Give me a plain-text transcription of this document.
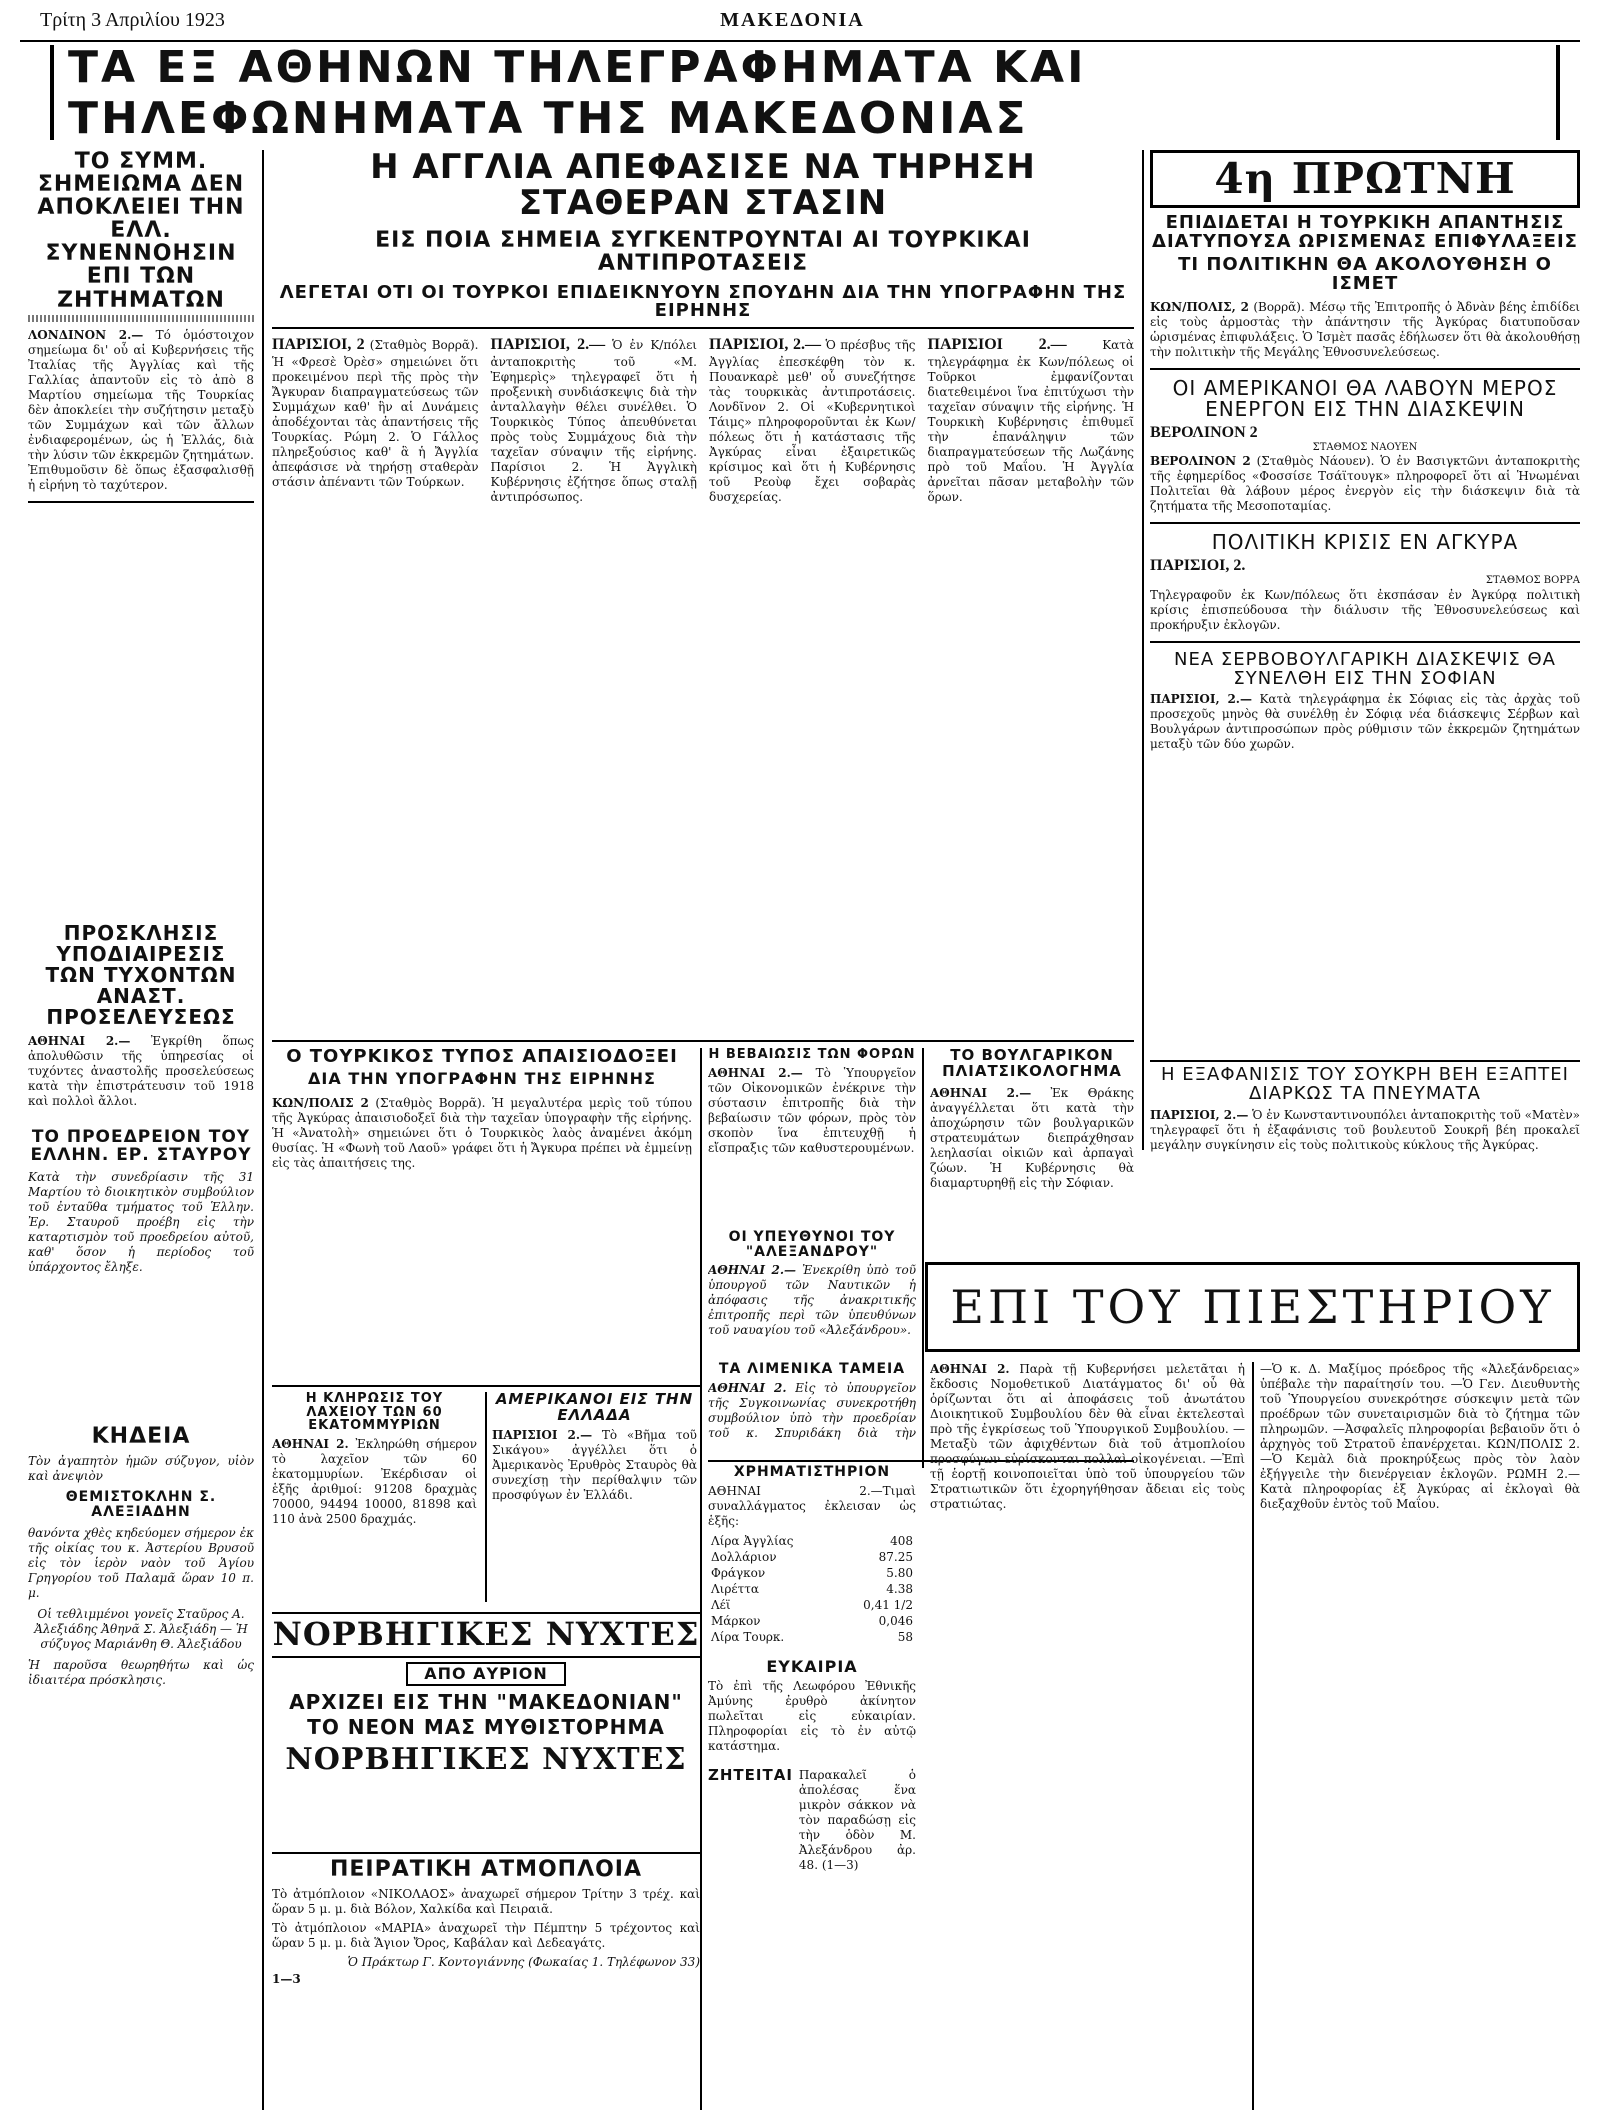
Τρίτη 3 Απριλίου 1923	ΜΑΚΕΔΟΝΙΑ
ΤΑ ΕΞ ΑΘΗΝΩΝ ΤΗΛΕΓΡΑΦΗΜΑΤΑ ΚΑΙ ΤΗΛΕΦΩΝΗΜΑΤΑ ΤΗΣ ΜΑΚΕΔΟΝΙΑΣ
ΤΟ ΣΥΜΜ. ΣΗΜΕΙΩΜΑ ΔΕΝ ΑΠΟΚΛΕΙΕΙ ΤΗΝ ΕΛΛ. ΣΥΝΕΝΝΟΗΣΙΝ ΕΠΙ ΤΩΝ ΖΗΤΗΜΑΤΩΝ
ΛΟΝΔΙΝΟΝ 2.— Τό ὁμόστοιχον σημείωμα δι' οὗ αἱ Κυβερνήσεις τῆς Ἰταλίας τῆς Ἀγγλίας καὶ τῆς Γαλλίας ἀπαντοῦν εἰς τὸ ἀπὸ 8 Μαρτίου σημείωμα τῆς Τουρκίας δὲν ἀποκλείει τὴν συζήτησιν μεταξὺ τῶν Συμμάχων καὶ τῶν ἄλλων ἐνδιαφερομένων, ὡς ἡ Ἑλλάς, διὰ τὴν λύσιν τῶν ἐκκρεμῶν ζητημάτων. Ἐπιθυμοῦσιν δὲ ὅπως ἐξασφαλισθῇ ἡ εἰρήνη τὸ ταχύτερον.
ΠΡΟΣΚΛΗΣΙΣ ΥΠΟΔΙΑΙΡΕΣΙΣ ΤΩΝ ΤΥΧΟΝΤΩΝ ΑΝΑΣΤ. ΠΡΟΣΕΛΕΥΣΕΩΣ
ΑΘΗΝΑΙ 2.— Ἐγκρίθη ὅπως ἀπολυθῶσιν τῆς ὑπηρεσίας οἱ τυχόντες ἀναστολῆς προσελεύσεως κατὰ τὴν ἐπιστράτευσιν τοῦ 1918 καὶ πολλοὶ ἄλλοι.
ΤΟ ΠΡΟΕΔΡΕΙΟΝ ΤΟΥ ΕΛΛΗΝ. ΕΡ. ΣΤΑΥΡΟΥ
Κατὰ τὴν συνεδρίασιν τῆς 31 Μαρτίου τὸ διοικητικὸν συμβούλιον τοῦ ἐνταῦθα τμήματος τοῦ Ἑλλην. Ἐρ. Σταυροῦ προέβη εἰς τὴν καταρτισμὸν τοῦ προεδρείου αὐτοῦ, καθ' ὅσον ἡ περίοδος τοῦ ὑπάρχοντος ἔληξε.
ΚΗΔΕΙΑ
Τὸν ἀγαπητὸν ἡμῶν σύζυγον, υἱὸν καὶ ἀνεψιὸν
ΘΕΜΙΣΤΟΚΛΗΝ Σ. ΑΛΕΞΙΑΔΗΝ
θανόντα χθὲς κηδεύομεν σήμερον ἐκ τῆς οἰκίας του κ. Ἀστερίου Βρυσοῦ εἰς τὸν ἱερὸν ναὸν τοῦ Ἁγίου Γρηγορίου τοῦ Παλαμᾶ ὥραν 10 π. μ.
Οἱ τεθλιμμένοι γονεῖς Σταῦρος Α. Ἀλεξιάδης Ἀθηνᾶ Σ. Ἀλεξιάδη — Ἡ σύζυγος Μαριάνθη Θ. Ἀλεξιάδου
Ἡ παροῦσα θεωρηθήτω καὶ ὡς ἰδιαιτέρα πρόσκλησις.
Η ΑΓΓΛΙΑ ΑΠΕΦΑΣΙΣΕ ΝΑ ΤΗΡΗΣΗ ΣΤΑΘΕΡΑΝ ΣΤΑΣΙΝ
ΕΙΣ ΠΟΙΑ ΣΗΜΕΙΑ ΣΥΓΚΕΝΤΡΟΥΝΤΑΙ ΑΙ ΤΟΥΡΚΙΚΑΙ ΑΝΤΙΠΡΟΤΑΣΕΙΣ
ΛΕΓΕΤΑΙ ΟΤΙ ΟΙ ΤΟΥΡΚΟΙ ΕΠΙΔΕΙΚΝΥΟΥΝ ΣΠΟΥΔΗΝ ΔΙΑ ΤΗΝ ΥΠΟΓΡΑΦΗΝ ΤΗΣ ΕΙΡΗΝΗΣ
ΠΑΡΙΣΙΟΙ, 2 (Σταθμὸς Βορρᾶ). Ἡ «Φρεσὲ Ὀρὲσ» σημειώνει ὅτι προκειμένου περὶ τῆς πρὸς τὴν Ἄγκυραν διαπραγματεύσεως τῶν Συμμάχων καθ' ἣν αἱ Δυνάμεις ἀποδέχονται τὰς ἀπαντήσεις τῆς Τουρκίας. Ρώμη 2. Ὁ Γάλλος πληρεξούσιος καθ' ἃ ἡ Ἄγγλία ἀπεφάσισε νὰ τηρήσῃ σταθερὰν στάσιν ἀπέναντι τῶν Τούρκων.
ΠΑΡΙΣΙΟΙ, 2.— Ὁ ἐν Κ/πόλει ἀνταποκριτὴς τοῦ «Μ. Ἐφημερὶς» τηλεγραφεῖ ὅτι ἡ προξενικὴ συνδιάσκεψις διὰ τὴν ἀνταλλαγὴν θέλει συνέλθει. Ὁ Τουρκικὸς Τύπος ἀπευθύνεται πρὸς τοὺς Συμμάχους διὰ τὴν ταχεῖαν σύναψιν τῆς εἰρήνης. Παρίσιοι 2. Ἡ Ἀγγλικὴ Κυβέρνησις ἐζήτησε ὅπως σταλῇ ἀντιπρόσωπος.
ΠΑΡΙΣΙΟΙ, 2.— Ὁ πρέσβυς τῆς Ἀγγλίας ἐπεσκέφθη τὸν κ. Πουανκαρὲ μεθ' οὗ συνεζήτησε τὰς τουρκικὰς ἀντιπροτάσεις. Λονδῖνον 2. Οἱ «Κυβερνητικοὶ Τάιμς» πληροφοροῦνται ἐκ Κων/πόλεως ὅτι ἡ κατάστασις τῆς Ἀγκύρας εἶναι ἐξαιρετικῶς κρίσιμος καὶ ὅτι ἡ Κυβέρνησις τοῦ Ρεοὺφ ἔχει σοβαρὰς δυσχερείας.
ΠΑΡΙΣΙΟΙ 2.—	Κατὰ τηλεγράφημα ἐκ Κων/πόλεως οἱ Τοῦρκοι ἐμφανίζονται διατεθειμένοι ἵνα ἐπιτύχωσι τὴν ταχεῖαν σύναψιν τῆς εἰρήνης. Ἡ Τουρκικὴ Κυβέρνησις ἐπιθυμεῖ τὴν ἐπανάληψιν τῶν διαπραγματεύσεων τῆς Λωζάνης πρὸ τοῦ Μαΐου. Ἡ Ἀγγλία ἀρνεῖται πᾶσαν μεταβολὴν τῶν ὅρων.
Ο ΤΟΥΡΚΙΚΟΣ ΤΥΠΟΣ ΑΠΑΙΣΙΟΔΟΞΕΙ
ΔΙΑ ΤΗΝ ΥΠΟΓΡΑΦΗΝ ΤΗΣ ΕΙΡΗΝΗΣ
ΚΩΝ/ΠΟΛΙΣ 2 (Σταθμὸς Βορρᾶ). Ἡ μεγαλυτέρα μερὶς τοῦ τύπου τῆς Ἀγκύρας ἀπαισιοδοξεῖ διὰ τὴν ταχεῖαν ὑπογραφὴν τῆς εἰρήνης. Ἡ «Ἀνατολὴ» σημειώνει ὅτι ὁ Τουρκικὸς λαὸς ἀναμένει ἀκόμη θυσίας. Ἡ «Φωνὴ τοῦ Λαοῦ» γράφει ὅτι ἡ Ἄγκυρα πρέπει νὰ ἐμμείνῃ εἰς τὰς ἀπαιτήσεις της.
Η ΒΕΒΑΙΩΣΙΣ ΤΩΝ ΦΟΡΩΝ
ΑΘΗΝΑΙ 2.— Τὸ Ὑπουργεῖον τῶν Οἰκονομικῶν ἐνέκρινε τὴν σύστασιν ἐπιτροπῆς διὰ τὴν βεβαίωσιν τῶν φόρων, πρὸς τὸν σκοπὸν ἵνα ἐπιτευχθῇ ἡ εἴσπραξις τῶν καθυστερουμένων.
ΟΙ ΥΠΕΥΘΥΝΟΙ ΤΟΥ "ΑΛΕΞΑΝΔΡΟΥ"
ΑΘΗΝΑΙ 2.— Ἐνεκρίθη ὑπὸ τοῦ ὑπουργοῦ τῶν Ναυτικῶν ἡ ἀπόφασις τῆς ἀνακριτικῆς ἐπιτροπῆς περὶ τῶν ὑπευθύνων τοῦ ναυαγίου τοῦ «Ἀλεξάνδρου».
ΤΑ ΛΙΜΕΝΙΚΑ ΤΑΜΕΙΑ
ΑΘΗΝΑΙ 2. Εἰς τὸ ὑπουργεῖον τῆς Συγκοινωνίας συνεκροτήθη συμβούλιον ὑπὸ τὴν προεδρίαν τοῦ κ. Σπυριδάκη διὰ τὴν
ΤΟ ΒΟΥΛΓΑΡΙΚΟΝ ΠΛΙΑΤΣΙΚΟΛΟΓΗΜΑ
ΑΘΗΝΑΙ 2.— Ἐκ Θράκης ἀναγγέλλεται ὅτι κατὰ τὴν ἀποχώρησιν τῶν βουλγαρικῶν στρατευμάτων διεπράχθησαν λεηλασίαι οἰκιῶν καὶ ἀρπαγαὶ ζώων. Ἡ Κυβέρνησις θὰ διαμαρτυρηθῇ εἰς τὴν Σόφιαν.
Η ΚΛΗΡΩΣΙΣ ΤΟΥ ΛΑΧΕΙΟΥ ΤΩΝ 60 ΕΚΑΤΟΜΜΥΡΙΩΝ
ΑΘΗΝΑΙ 2. Ἐκληρώθη σήμερον τὸ λαχεῖον τῶν 60 ἑκατομμυρίων. Ἐκέρδισαν οἱ ἑξῆς ἀριθμοί: 91208 δραχμὰς 70000, 94494 10000, 81898 καὶ 110 ἀνὰ 2500 δραχμάς.
ΑΜΕΡΙΚΑΝΟΙ ΕΙΣ ΤΗΝ ΕΛΛΑΔΑ
ΠΑΡΙΣΙΟΙ 2.— Τὸ «Βῆμα τοῦ Σικάγου» ἀγγέλλει ὅτι ὁ Ἀμερικανὸς Ἐρυθρὸς Σταυρὸς θὰ συνεχίσῃ τὴν περίθαλψιν τῶν προσφύγων ἐν Ἑλλάδι.
ΝΟΡΒΗΓΙΚΕΣ ΝΥΧΤΕΣ
ΑΠΟ ΑΥΡΙΟΝ
ΑΡΧΙΖΕΙ ΕΙΣ ΤΗΝ "ΜΑΚΕΔΟΝΙΑΝ"
ΤΟ ΝΕΟΝ ΜΑΣ ΜΥΘΙΣΤΟΡΗΜΑ
ΝΟΡΒΗΓΙΚΕΣ ΝΥΧΤΕΣ
ΠΕΙΡΑΤΙΚΗ ΑΤΜΟΠΛΟΪΑ
Τὸ ἀτμόπλοιον «ΝΙΚΟΛΑΟΣ» ἀναχωρεῖ σήμερον Τρίτην 3 τρέχ. καὶ ὥραν 5 μ. μ. διὰ Βόλον, Χαλκίδα καὶ Πειραιᾶ.
Τὸ ἀτμόπλοιον «ΜΑΡΙΑ» ἀναχωρεῖ τὴν Πέμπτην 5 τρέχοντος καὶ ὥραν 5 μ. μ. διὰ Ἅγιον Ὄρος, Καβάλαν καὶ Δεδεαγάτς.
Ὁ Πράκτωρ Γ. Κοντογιάννης (Φωκαίας 1. Τηλέφωνον 33)
1—3
ΧΡΗΜΑΤΙΣΤΗΡΙΟΝ
ΑΘΗΝΑΙ 2.—Τιμαὶ συναλλάγματος ἐκλεισαν ὡς ἑξῆς:
Λίρα Ἀγγλίας	408
Δολλάριον	87.25
Φράγκον	5.80
Λιρέττα	4.38
Λέϊ	0,41 1/2
Μάρκον	0,046
Λίρα Τουρκ.	58
ΕΥΚΑΙΡΙΑ
Τὸ ἐπὶ τῆς Λεωφόρου Ἐθνικῆς Ἀμύνης ἐρυθρὸ ἀκίνητον πωλεῖται εἰς εὐκαιρίαν. Πληροφορίαι εἰς τὸ ἐν αὐτῷ κατάστημα.
ΖΗΤΕΙΤΑΙ Παρακαλεῖ ὁ ἀπολέσας ἕνα μικρὸν σάκκον νὰ τὸν παραδώσῃ εἰς τὴν ὁδὸν Μ. Ἀλεξάνδρου ἀρ. 48. (1—3)
4η ΠΡΩΤΝΗ
ΕΠΙΔΙΔΕΤΑΙ Η ΤΟΥΡΚΙΚΗ ΑΠΑΝΤΗΣΙΣ ΔΙΑΤΥΠΟΥΣΑ ΩΡΙΣΜΕΝΑΣ ΕΠΙΦΥΛΑΞΕΙΣ
ΤΙ ΠΟΛΙΤΙΚΗΝ ΘΑ ΑΚΟΛΟΥΘΗΣΗ Ο ΙΣΜΕΤ
ΚΩΝ/ΠΟΛΙΣ, 2 (Βορρᾶ). Μέσῳ τῆς Ἐπιτροπῆς ὁ Ἀδνὰν βέης ἐπιδίδει εἰς τοὺς ἀρμοστὰς τὴν ἀπάντησιν τῆς Ἀγκύρας διατυποῦσαν ὡρισμένας ἐπιφυλάξεις. Ὁ Ἰσμὲτ πασᾶς ἐδήλωσεν ὅτι θὰ ἀκολουθήσῃ τὴν πολιτικὴν τῆς Μεγάλης Ἐθνοσυνελεύσεως.
ΟΙ ΑΜΕΡΙΚΑΝΟΙ ΘΑ ΛΑΒΟΥΝ ΜΕΡΟΣ ΕΝΕΡΓΟΝ ΕΙΣ ΤΗΝ ΔΙΑΣΚΕΨΙΝ
ΒΕΡΟΛΙΝΟΝ 2
ΣΤΑΘΜΟΣ ΝΑΟΥΕΝ
ΒΕΡΟΛΙΝΟΝ 2 (Σταθμὸς Νάουεν). Ὁ ἐν Βασιγκτῶνι ἀνταποκριτὴς τῆς ἐφημερίδος «Φοσσίσε Τσάϊτουγκ» πληροφορεῖ ὅτι αἱ Ἡνωμέναι Πολιτεῖαι θὰ λάβουν μέρος ἐνεργὸν εἰς τὴν διάσκεψιν διὰ τὰ ζητήματα τῆς Μεσοποταμίας.
ΠΟΛΙΤΙΚΗ ΚΡΙΣΙΣ ΕΝ ΑΓΚΥΡΑ
ΠΑΡΙΣΙΟΙ, 2.
ΣΤΑΘΜΟΣ ΒΟΡΡΑ
Τηλεγραφοῦν ἐκ Κων/πόλεως ὅτι ἐκσπάσαν ἐν Ἀγκύρᾳ πολιτικὴ κρίσις ἐπισπεύδουσα τὴν διάλυσιν τῆς Ἐθνοσυνελεύσεως καὶ προκήρυξιν ἐκλογῶν.
ΝΕΑ ΣΕΡΒΟΒΟΥΛΓΑΡΙΚΗ ΔΙΑΣΚΕΨΙΣ ΘΑ ΣΥΝΕΛΘΗ ΕΙΣ ΤΗΝ ΣΟΦΙΑΝ
ΠΑΡΙΣΙΟΙ, 2.— Κατὰ τηλεγράφημα ἐκ Σόφιας εἰς τὰς ἀρχὰς τοῦ προσεχοῦς μηνὸς θὰ συνέλθῃ ἐν Σόφιᾳ νέα διάσκεψις Σέρβων καὶ Βουλγάρων ἀντιπροσώπων πρὸς ρύθμισιν τῶν ἐκκρεμῶν ζητημάτων μεταξὺ τῶν δύο χωρῶν.
Η ΕΞΑΦΑΝΙΣΙΣ ΤΟΥ ΣΟΥΚΡΗ ΒΕΗ ΕΞΑΠΤΕΙ ΔΙΑΡΚΩΣ ΤΑ ΠΝΕΥΜΑΤΑ
ΠΑΡΙΣΙΟΙ, 2.— Ὁ ἐν Κωνσταντινουπόλει ἀνταποκριτὴς τοῦ «Ματὲν» τηλεγραφεῖ ὅτι ἡ ἐξαφάνισις τοῦ βουλευτοῦ Σουκρῆ βέη προκαλεῖ μεγάλην συγκίνησιν εἰς τοὺς πολιτικοὺς κύκλους τῆς Ἀγκύρας.
ΕΠΙ ΤΟΥ ΠΙΕΣΤΗΡΙΟΥ
ΑΘΗΝΑΙ 2. Παρὰ τῇ Κυβερνήσει μελετᾶται ἡ ἔκδοσις Νομοθετικοῦ Διατάγματος δι' οὗ θὰ ὁρίζωνται ὅτι αἱ ἀποφάσεις τοῦ ἀνωτάτου Διοικητικοῦ Συμβουλίου δὲν θὰ εἶναι ἐκτελεσταὶ πρὸ τῆς ἐγκρίσεως τοῦ Ὑπουργικοῦ Συμβουλίου. —Μεταξὺ τῶν ἀφιχθέντων διὰ τοῦ ἀτμοπλοίου προσφύγων εὑρίσκονται πολλαὶ οἰκογένειαι. —Ἐπὶ τῇ ἑορτῇ κοινοποιεῖται ὑπὸ τοῦ ὑπουργείου τῶν Στρατιωτικῶν ὅτι ἐχορηγήθησαν ἄδειαι εἰς τοὺς στρατιώτας.
—Ὁ κ. Δ. Μαξίμος πρόεδρος τῆς «Ἀλεξάνδρειας» ὑπέβαλε τὴν παραίτησίν του. —Ὁ Γεν. Διευθυντὴς τοῦ Ὑπουργείου συνεκρότησε σύσκεψιν μετὰ τῶν προέδρων τῶν συνεταιρισμῶν διὰ τὸ ζήτημα τῶν πληρωμῶν. —Ἀσφαλεῖς πληροφορίαι βεβαιοῦν ὅτι ὁ ἀρχηγὸς τοῦ Στρατοῦ ἐπανέρχεται. ΚΩΝ/ΠΟΛΙΣ 2.—Ὁ Κεμὰλ διὰ προκηρύξεως πρὸς τὸν λαὸν ἐξήγγειλε τὴν διενέργειαν ἐκλογῶν. ΡΩΜΗ 2.—Κατὰ πληροφορίας ἐξ Ἀγκύρας αἱ ἐκλογαὶ θὰ διεξαχθοῦν ἐντὸς τοῦ Μαΐου.
